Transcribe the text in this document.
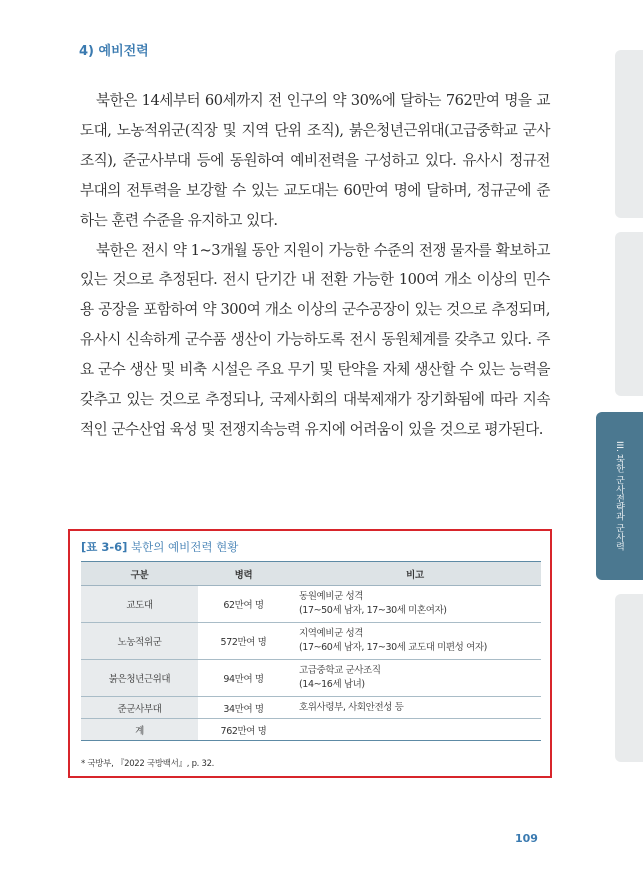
4) 예비전력

북한은 14세부터 60세까지 전 인구의 약 30%에 달하는 762만여 명을 교도대, 노농적위군(직장 및 지역 단위 조직), 붉은청년근위대(고급중학교 군사조직), 준군사부대 등에 동원하여 예비전력을 구성하고 있다. 유사시 정규전 부대의 전투력을 보강할 수 있는 교도대는 60만여 명에 달하며, 정규군에 준하는 훈련 수준을 유지하고 있다.

북한은 전시 약 1~3개월 동안 지원이 가능한 수준의 전쟁 물자를 확보하고 있는 것으로 추정된다. 전시 단기간 내 전환 가능한 100여 개소 이상의 민수용 공장을 포함하여 약 300여 개소 이상의 군수공장이 있는 것으로 추정되며, 유사시 신속하게 군수품 생산이 가능하도록 전시 동원체계를 갖추고 있다. 주요 군수 생산 및 비축 시설은 주요 무기 및 탄약을 자체 생산할 수 있는 능력을 갖추고 있는 것으로 추정되나, 국제사회의 대북제재가 장기화됨에 따라 지속적인 군수산업 육성 및 전쟁지속능력 유지에 어려움이 있을 것으로 평가된다.

III. 북한 군사전략과 군사력
[표 3-6] 북한의 예비전력 현황
구분	병력	비고
교도대	62만여 명	동원예비군 성격
(17~50세 남자, 17~30세 미혼여자)
노농적위군	572만여 명	지역예비군 성격
(17~60세 남자, 17~30세 교도대 미편성 여자)
붉은청년근위대	94만여 명	고급중학교 군사조직
(14~16세 남녀)
준군사부대	34만여 명	호위사령부, 사회안전성 등
계	762만여 명	
* 국방부, 『2022 국방백서』, p. 32.
109
